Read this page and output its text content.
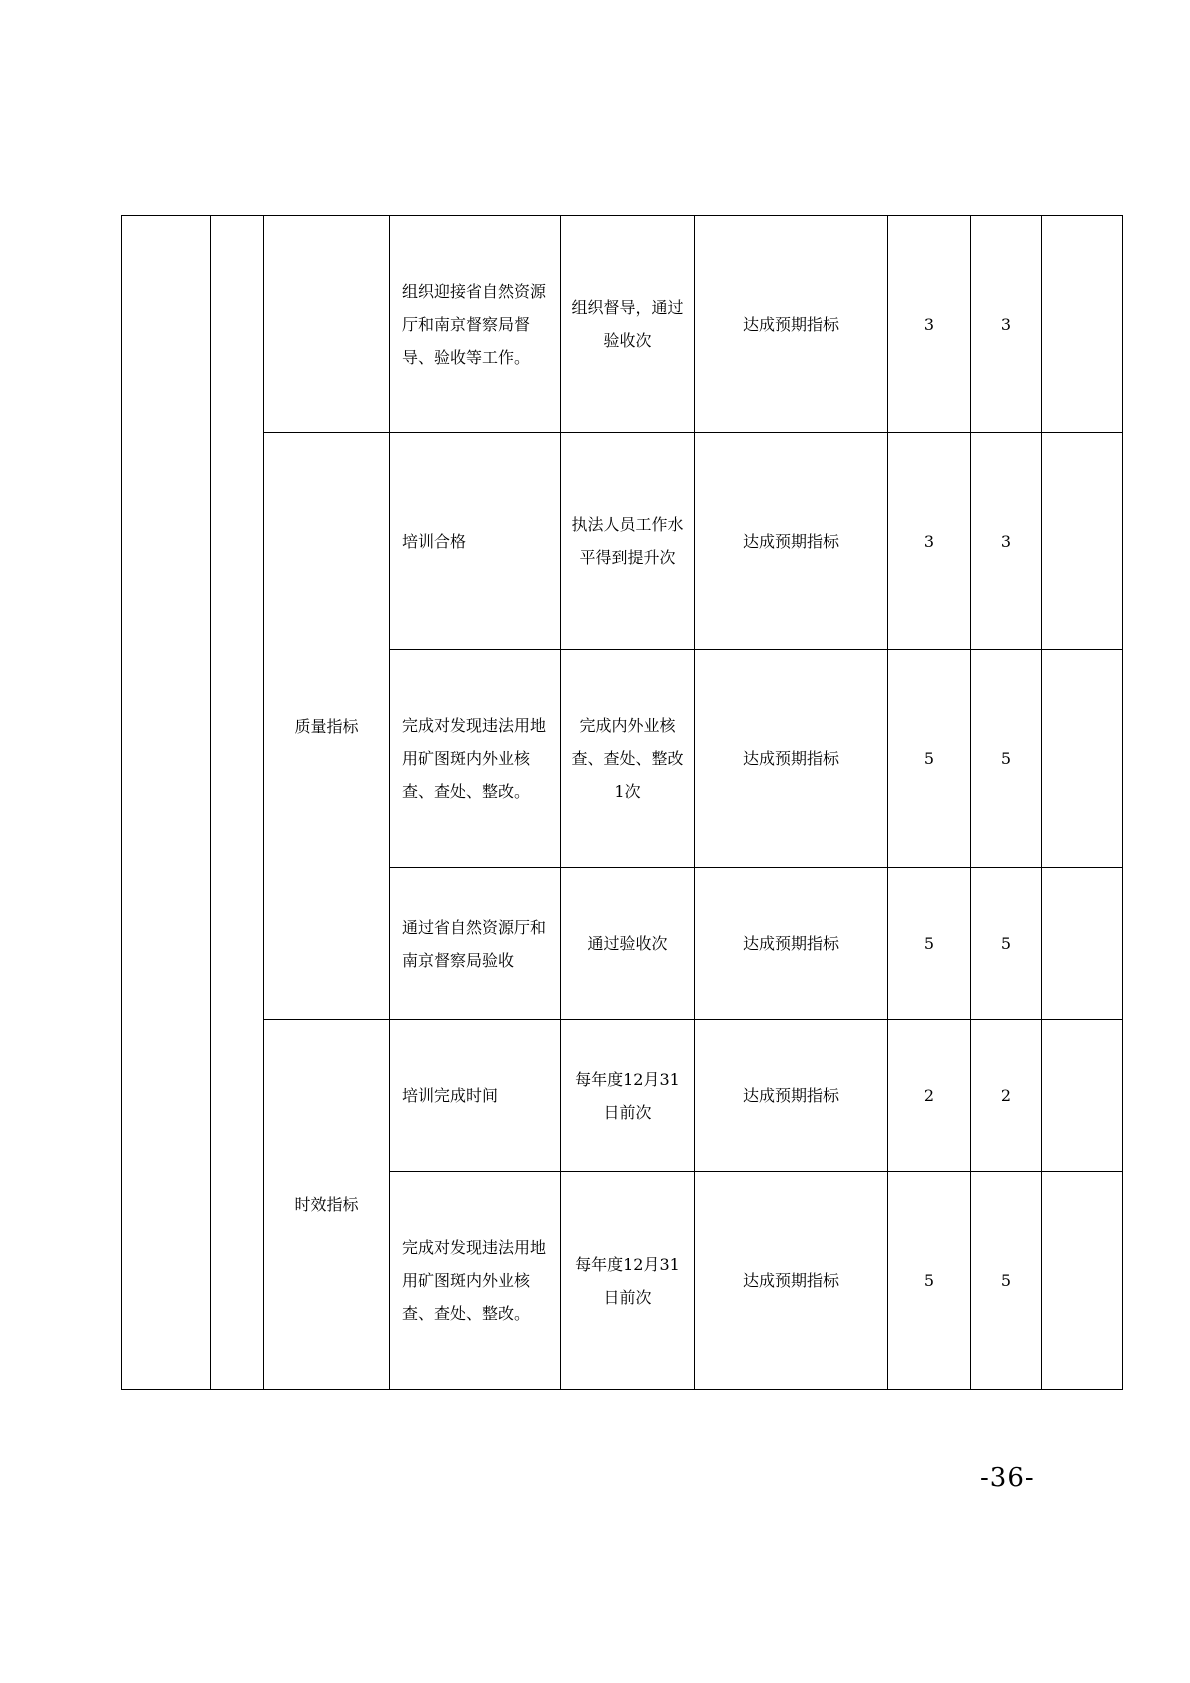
			组织迎接省自然资源厅和南京督察局督导、验收等工作。	组织督导，通过验收次	达成预期指标	3	3	
		质量指标	培训合格	执法人员工作水平得到提升次	达成预期指标	3	3	
			完成对发现违法用地用矿图斑内外业核查、查处、整改。	完成内外业核查、查处、整改1次	达成预期指标	5	5	
			通过省自然资源厅和南京督察局验收	通过验收次	达成预期指标	5	5	
		时效指标	培训完成时间	每年度12月31日前次	达成预期指标	2	2	
			完成对发现违法用地用矿图斑内外业核查、查处、整改。	每年度12月31日前次	达成预期指标	5	5	
-36-
